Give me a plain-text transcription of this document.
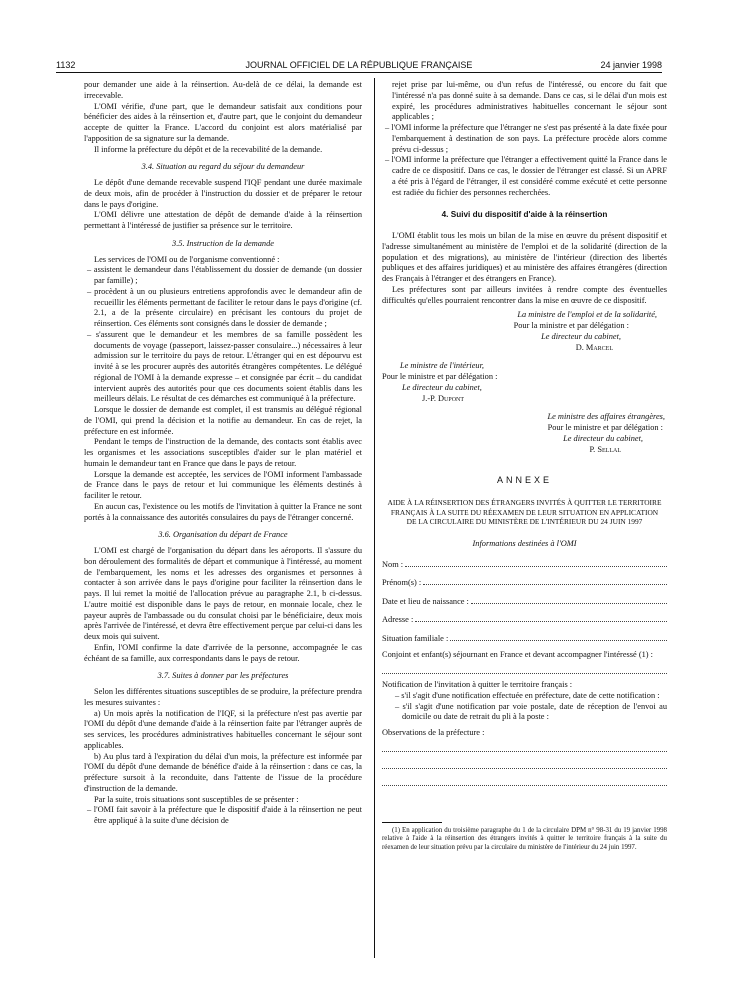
1132	JOURNAL OFFICIEL DE LA RÉPUBLIQUE FRANÇAISE	24 janvier 1998

pour demander une aide à la réinsertion. Au-delà de ce délai, la demande est irrecevable.

L'OMI vérifie, d'une part, que le demandeur satisfait aux conditions pour bénéficier des aides à la réinsertion et, d'autre part, que le conjoint du demandeur accepte de quitter la France. L'accord du conjoint est alors matérialisé par l'apposition de sa signature sur la demande.

Il informe la préfecture du dépôt et de la recevabilité de la demande.

3.4. Situation au regard du séjour du demandeur

Le dépôt d'une demande recevable suspend l'IQF pendant une durée maximale de deux mois, afin de procéder à l'instruction du dossier et de préparer le retour dans le pays d'origine.

L'OMI délivre une attestation de dépôt de demande d'aide à la réinsertion permettant à l'intéressé de justifier sa présence sur le territoire.

3.5. Instruction de la demande

Les services de l'OMI ou de l'organisme conventionné :

– assistent le demandeur dans l'établissement du dossier de demande (un dossier par famille) ;

– procèdent à un ou plusieurs entretiens approfondis avec le demandeur afin de recueillir les éléments permettant de faciliter le retour dans le pays d'origine (cf. 2.1, a de la présente circulaire) en précisant les contours du projet de réinsertion. Ces éléments sont consignés dans le dossier de demande ;

– s'assurent que le demandeur et les membres de sa famille possèdent les documents de voyage (passeport, laissez-passer consulaire...) nécessaires à leur admission sur le territoire du pays de retour. L'étranger qui en est dépourvu est invité à se les procurer auprès des autorités étrangères compétentes. Le délégué régional de l'OMI à la demande expresse – et consignée par écrit – du candidat intervient auprès des autorités pour que ces documents soient établis dans les meilleurs délais. Le résultat de ces démarches est communiqué à la préfecture.

Lorsque le dossier de demande est complet, il est transmis au délégué régional de l'OMI, qui prend la décision et la notifie au demandeur. En cas de rejet, la préfecture en est informée.

Pendant le temps de l'instruction de la demande, des contacts sont établis avec les organismes et les associations susceptibles d'aider sur le plan matériel et humain le demandeur tant en France que dans le pays de retour.

Lorsque la demande est acceptée, les services de l'OMI informent l'ambassade de France dans le pays de retour et lui communique les éléments destinés à faciliter le retour.

En aucun cas, l'existence ou les motifs de l'invitation à quitter la France ne sont portés à la connaissance des autorités consulaires du pays de l'étranger concerné.

3.6. Organisation du départ de France

L'OMI est chargé de l'organisation du départ dans les aéroports. Il s'assure du bon déroulement des formalités de départ et communique à l'intéressé, au moment de l'embarquement, les noms et les adresses des organismes et personnes à contacter à son arrivée dans le pays d'origine pour faciliter la réinsertion dans le pays. Il lui remet la moitié de l'allocation prévue au paragraphe 2.1, b ci-dessus. L'autre moitié est disponible dans le pays de retour, en monnaie locale, chez le payeur auprès de l'ambassade ou du consulat choisi par le bénéficiaire, deux mois après l'arrivée de l'intéressé, et devra être effectivement perçue par celui-ci dans les deux mois qui suivent.

Enfin, l'OMI confirme la date d'arrivée de la personne, accompagnée le cas échéant de sa famille, aux correspondants dans le pays de retour.

3.7. Suites à donner par les préfectures

Selon les différentes situations susceptibles de se produire, la préfecture prendra les mesures suivantes :

a) Un mois après la notification de l'IQF, si la préfecture n'est pas avertie par l'OMI du dépôt d'une demande d'aide à la réinsertion faite par l'étranger auprès de ses services, les procédures administratives habituelles concernant le séjour sont applicables.

b) Au plus tard à l'expiration du délai d'un mois, la préfecture est informée par l'OMI du dépôt d'une demande de bénéfice d'aide à la réinsertion : dans ce cas, la préfecture sursoit à la reconduite, dans l'attente de l'issue de la procédure d'instruction de la demande.

Par la suite, trois situations sont susceptibles de se présenter :

– l'OMI fait savoir à la préfecture que le dispositif d'aide à la réinsertion ne peut être appliqué à la suite d'une décision de

rejet prise par lui-même, ou d'un refus de l'intéressé, ou encore du fait que l'intéressé n'a pas donné suite à sa demande. Dans ce cas, si le délai d'un mois est expiré, les procédures administratives habituelles concernant le séjour sont applicables ;

– l'OMI informe la préfecture que l'étranger ne s'est pas présenté à la date fixée pour l'embarquement à destination de son pays. La préfecture procède alors comme prévu ci-dessus ;

– l'OMI informe la préfecture que l'étranger a effectivement quitté la France dans le cadre de ce dispositif. Dans ce cas, le dossier de l'étranger est classé. Si un APRF a été pris à l'égard de l'étranger, il est considéré comme exécuté et cette personne est radiée du fichier des personnes recherchées.

4. Suivi du dispositif d'aide à la réinsertion

L'OMI établit tous les mois un bilan de la mise en œuvre du présent dispositif et l'adresse simultanément au ministère de l'emploi et de la solidarité (direction de la population et des migrations), au ministère de l'intérieur (direction des libertés publiques et des affaires juridiques) et au ministère des affaires étrangères (direction des Français à l'étranger et des étrangers en France).

Les préfectures sont par ailleurs invitées à rendre compte des éventuelles difficultés qu'elles pourraient rencontrer dans la mise en œuvre de ce dispositif.

La ministre de l'emploi et de la solidarité,
Pour la ministre et par délégation :
Le directeur du cabinet,
D. Marcel
Le ministre de l'intérieur,
Pour le ministre et par délégation :
Le directeur du cabinet,
J.-P. Dupont
Le ministre des affaires étrangères,
Pour le ministre et par délégation :
Le directeur du cabinet,
P. Sellal
ANNEXE
AIDE À LA RÉINSERTION DES ÉTRANGERS INVITÉS À QUITTER LE TERRITOIRE FRANÇAIS À LA SUITE DU RÉEXAMEN DE LEUR SITUATION EN APPLICATION DE LA CIRCULAIRE DU MINISTÈRE DE L'INTÉRIEUR DU 24 JUIN 1997
Informations destinées à l'OMI
Nom :
Prénom(s) :
Date et lieu de naissance :
Adresse :
Situation familiale :

Conjoint et enfant(s) séjournant en France et devant accompagner l'intéressé (1) :

Notification de l'invitation à quitter le territoire français :

– s'il s'agit d'une notification effectuée en préfecture, date de cette notification :

– s'il s'agit d'une notification par voie postale, date de réception de l'envoi au domicile ou date de retrait du pli à la poste :

Observations de la préfecture :

(1) En application du troisième paragraphe du 1 de la circulaire DPM n° 98-31 du 19 janvier 1998 relative à l'aide à la réinsertion des étrangers invités à quitter le territoire français à la suite du réexamen de leur situation prévu par la circulaire du ministère de l'intérieur du 24 juin 1997.
